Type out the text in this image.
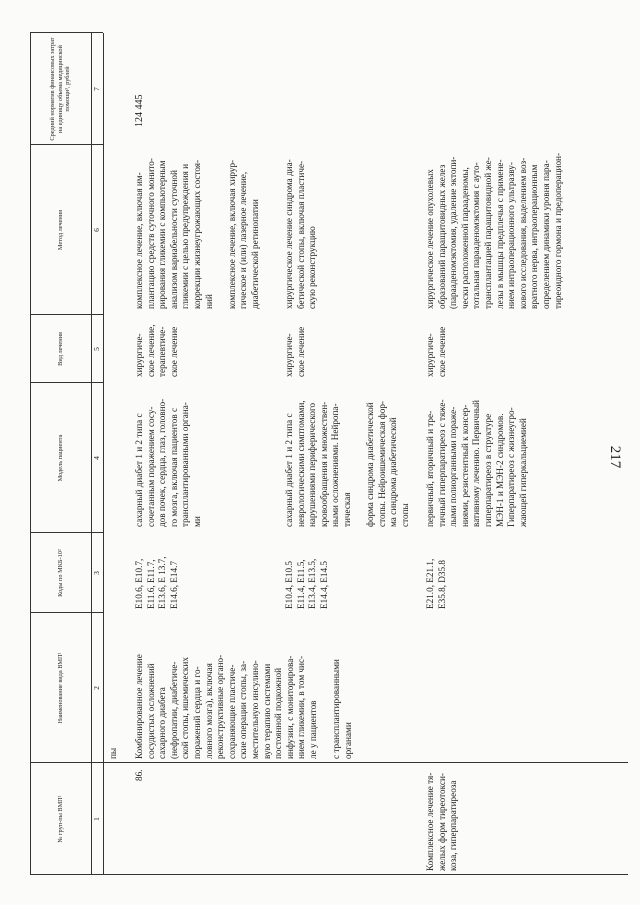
217
№ груп-пы ВМП¹
Наименование вида ВМП¹
Коды по МКБ-10²
Модель пациента
Вид лечения
Метод лечения
Средний норматив финансовых затрат на единицу объема медицинской помощи³, рублей
1
2
3
4
5
6
7
пы
86.
Комбинированное лечение
сосудистых осложнений
сахарного диабета
(нефропатии, диабетиче-
ской стопы, ишемических
поражений сердца и го-
ловного мозга), включая
реконструктивные органо-
сохраняющие пластиче-
ские операции стопы, за-
местительную инсулино-
вую терапию системами
постоянной подкожной
инфузии, с мониторирова-
нием гликемии, в том чис-
ле у пациентов

с трансплантированными
органами
E10.6, E10.7,
E11.6, E11.7,
E13.6, E 13.7,
E14.6, E14.7
сахарный диабет 1 и 2 типа с
сочетанным поражением сосу-
дов почек, сердца, глаз, головно-
го мозга, включая пациентов с
трансплантированными органа-
ми
хирургиче-
ское лечение,
терапевтиче-
ское лечение
комплексное лечение, включая им-
плантацию средств суточного монито-
рирования гликемии с компьютерным
анализом вариабельности суточной
гликемии с целью предупреждения и
коррекции жизнеугрожающих состоя-
ний

комплексное лечение, включая хирур-
гическое и (или) лазерное лечение,
диабетической ретинопатии
124 445
E10.4, E10.5
E11.4, E11.5,
E13.4, E13.5,
E14.4, E14.5
сахарный диабет 1 и 2 типа с
неврологическими симптомами,
нарушениями периферического
кровообращения и множествен-
ными осложнениями. Нейропа-
тическая

форма синдрома диабетической
стопы. Нейроишемическая фор-
ма синдрома диабетической
стопы
хирургиче-
ское лечение
хирургическое лечение синдрома диа-
бетической стопы, включая пластиче-
скую реконструкцию
Комплексное лечение тя-
желых форм тиреотокси-
коза, гиперпаратиреоза
E21.0, E21.1,
E35.8, D35.8
первичный, вторичный и тре-
тичный гиперпаратиреоз с тяже-
лыми полиорганными пораже-
ниями, резистентный к консер-
вативному лечению. Первичный
гиперпаратиреоз в структуре
МЭН-1 и МЭН-2 синдромов.
Гиперпаратиреоз с жизнеугро-
жающей гиперкальциемией
хирургиче-
ское лечение
хирургическое лечение опухолевых
образований паращитовидных желез
(парааденомэктомия, удаление эктопи-
чески расположенной парааденомы,
тотальная парааденомэктомия с ауто-
трансплантацией паращитовидной же-
лезы в мышцы предплечья с примене-
нием интраоперационного ультразву-
кового исследования, выделением воз-
вратного нерва, интраоперационным
определением динамики уровня пара-
тиреоидного гормона и предоперацион-
